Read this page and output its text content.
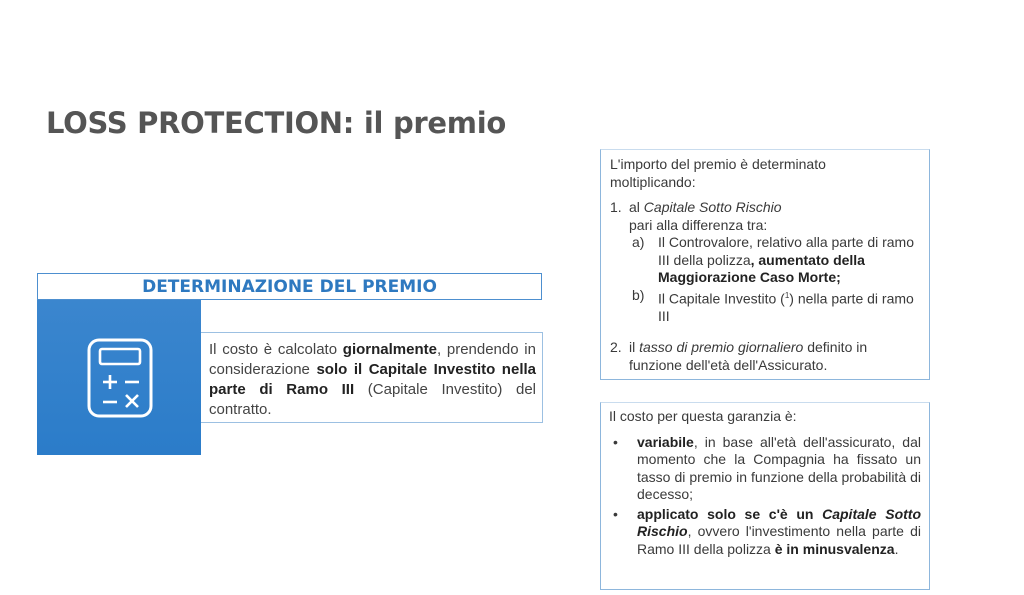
LOSS PROTECTION: il premio
DETERMINAZIONE DEL PREMIO
Il costo è calcolato giornalmente, prendendo in considerazione solo il Capitale Investito nella parte di Ramo III (Capitale Investito) del contratto.

L'importo del premio è determinato moltiplicando:

1. al Capitale Sotto Rischio
pari alla differenza tra:
a) Il Controvalore, relativo alla parte di ramo III della polizza, aumentato della Maggiorazione Caso Morte;
b) Il Capitale Investito ($^1$) nella parte di ramo III
2. il tasso di premio giornaliero definito in funzione dell'età dell'Assicurato.

Il costo per questa garanzia è:

• variabile, in base all'età dell'assicurato, dal momento che la Compagnia ha fissato un tasso di premio in funzione della probabilità di decesso;
• applicato solo se c'è un Capitale Sotto Rischio, ovvero l'investimento nella parte di Ramo III della polizza è in minusvalenza.
